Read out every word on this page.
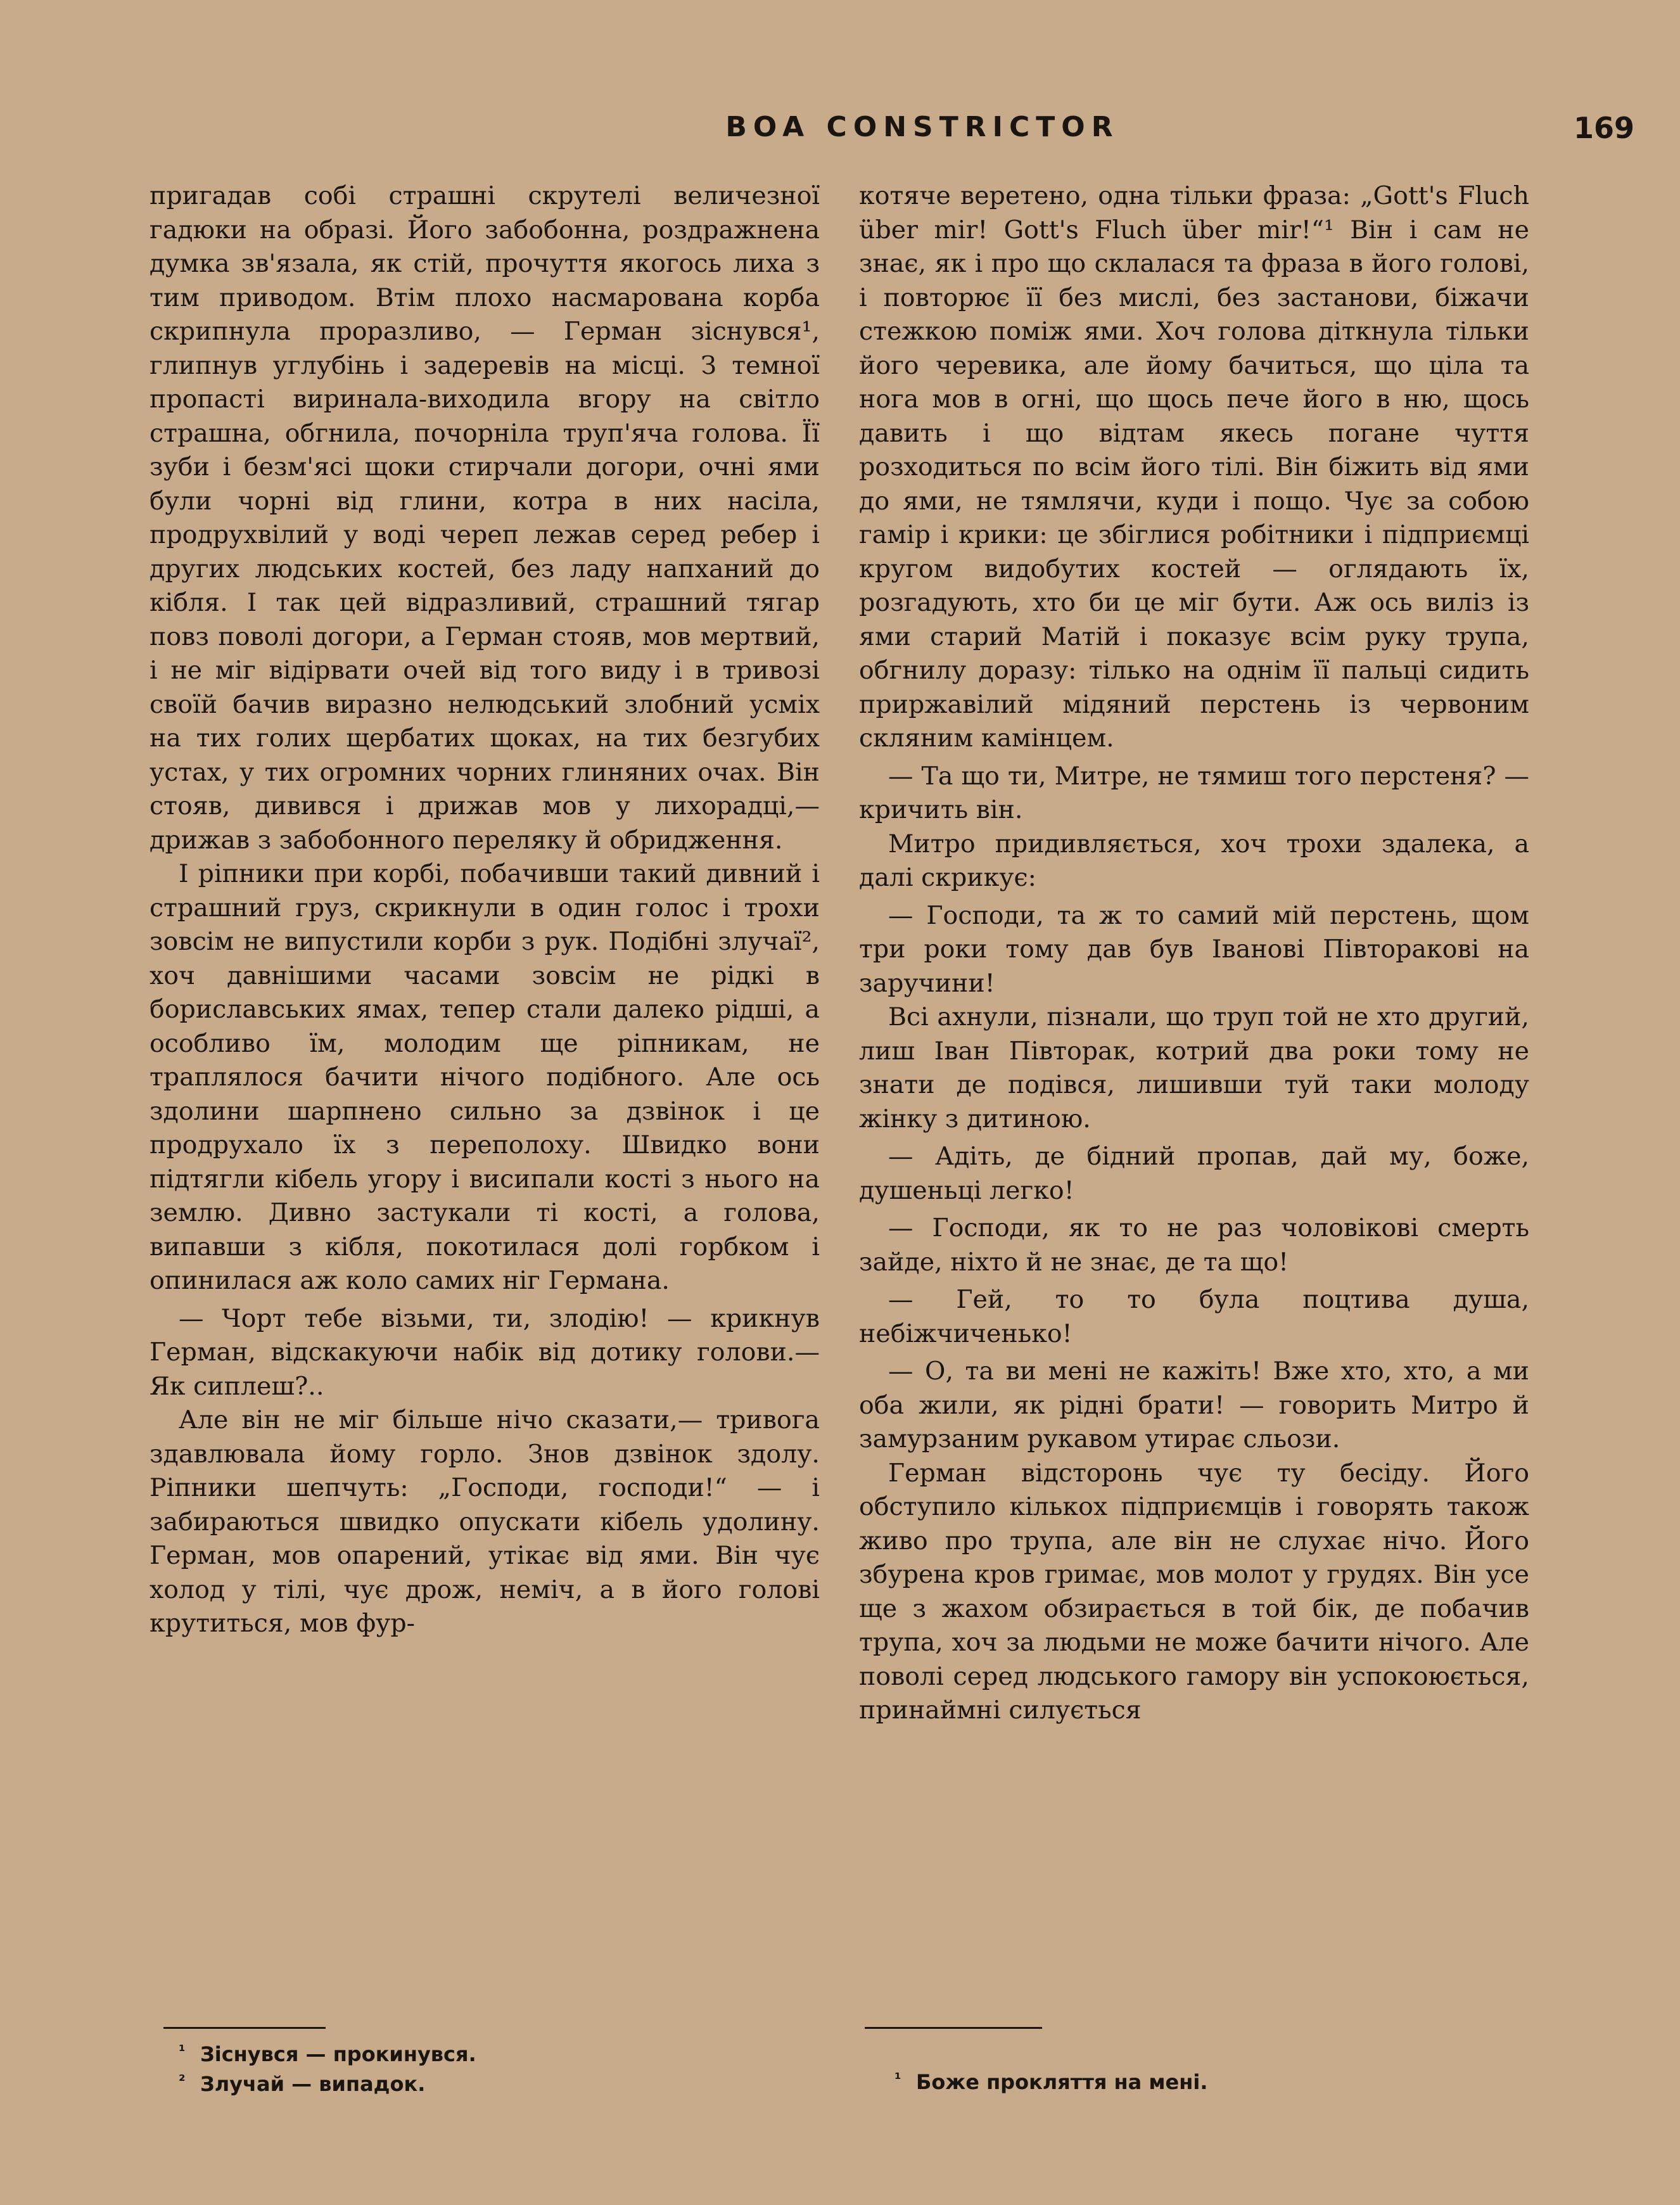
BOA CONSTRICTOR	169

пригадав собі страшні скрутелі величезної гадюки на образі. Його забобонна, роздражнена думка зв'язала, як стій, прочуття якогось лиха з тим приводом. Втім плохо насмарована корба скрипнула проразливо, — Герман зіснувся¹, глипнув углубінь і задеревів на місці. З темної пропасті виринала-виходила вгору на світло страшна, обгнила, почорніла труп'яча голова. Її зуби і безм'ясі щоки стирчали догори, очні ями були чорні від глини, котра в них насіла, продрухвілий у воді череп лежав серед ребер і других людських костей, без ладу напханий до кібля. І так цей відразливий, страшний тягар повз поволі догори, а Герман стояв, мов мертвий, і не міг відірвати очей від того виду і в тривозі своїй бачив виразно нелюдський злобний усміх на тих голих щербатих щоках, на тих безгубих устах, у тих огромних чорних глиняних очах. Він стояв, дивився і дрижав мов у лихорадці,— дрижав з забобонного переляку й обридження.

І ріпники при корбі, побачивши такий дивний і страшний груз, скрикнули в один голос і трохи зовсім не випустили корби з рук. Подібні злучаї², хоч давнішими часами зовсім не рідкі в бориславських ямах, тепер стали далеко рідші, а особливо їм, молодим ще ріпникам, не траплялося бачити нічого подібного. Але ось здолини шарпнено сильно за дзвінок і це продрухало їх з переполоху. Швидко вони підтягли кібель угору і висипали кості з нього на землю. Дивно застукали ті кості, а голова, випавши з кібля, покотилася долі горбком і опинилася аж коло самих ніг Германа.

— Чорт тебе візьми, ти, злодію! — крикнув Герман, відскакуючи набік від дотику голови.— Як сиплеш?..

Але він не міг більше нічо сказати,— тривога здавлювала йому горло. Знов дзвінок здолу. Ріпники шепчуть: „Господи, господи!“ — і забираються швидко опускати кібель удолину. Герман, мов опарений, утікає від ями. Він чує холод у тілі, чує дрож, неміч, а в його голові крутиться, мов фур-

котяче веретено, одна тільки фраза: „Gott's Fluch über mir! Gott's Fluch über mir!“¹ Він і сам не знає, як і про що склалася та фраза в його голові, і повторює її без мислі, без застанови, біжачи стежкою поміж ями. Хоч голова діткнула тільки його черевика, але йому бачиться, що ціла та нога мов в огні, що щось пече його в ню, щось давить і що відтам якесь погане чуття розходиться по всім його тілі. Він біжить від ями до ями, не тямлячи, куди і пощо. Чує за собою гамір і крики: це збіглися робітники і підприємці кругом видобутих костей — оглядають їх, розгадують, хто би це міг бути. Аж ось виліз із ями старий Матій і показує всім руку трупа, обгнилу доразу: тілько на однім її пальці сидить приржавілий мідяний перстень із червоним скляним камінцем.

— Та що ти, Митре, не тямиш того перстеня? — кричить він.

Митро придивляється, хоч трохи здалека, а далі скрикує:

— Господи, та ж то самий мій перстень, щом три роки тому дав був Іванові Півтораковi на заручини!

Всі ахнули, пізнали, що труп той не хто другий, лиш Іван Півторак, котрий два роки тому не знати де подівся, лишивши туй таки молоду жінку з дитиною.

— Адіть, де бідний пропав, дай му, боже, душеньці легко!

— Господи, як то не раз чоловікові смерть зайде, ніхто й не знає, де та що!

— Гей, то то була поцтива душа, небіжчиченько!

— О, та ви мені не кажіть! Вже хто, хто, а ми оба жили, як рідні брати! — говорить Митро й замурзаним рукавом утирає сльози.

Герман відсторонь чує ту бесіду. Його обступило кількох підприємців і говорять також живо про трупа, але він не слухає нічо. Його збурена кров гримає, мов молот у грудях. Він усе ще з жахом обзирається в той бік, де побачив трупа, хоч за людьми не може бачити нічого. Але поволі серед людського гамору він успокоюється, принаймні силується

¹ Зіснувся — прокинувся.
² Злучай — випадок.	¹ Боже прокляття на мені.
